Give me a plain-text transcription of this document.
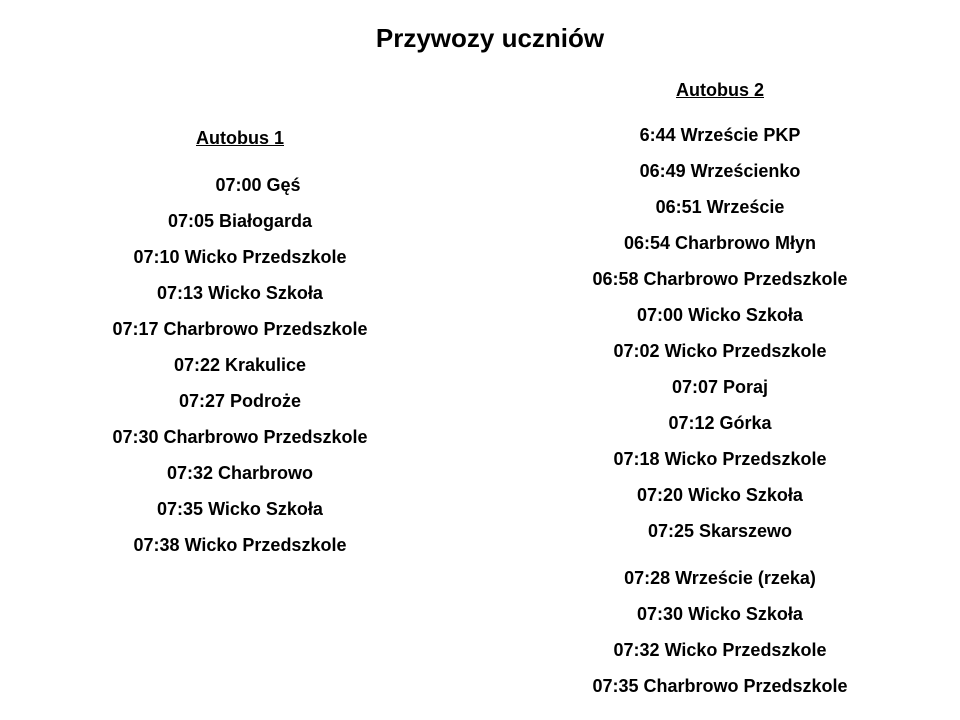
Przywozy uczniów
Autobus 1
07:00 Gęś
07:05 Białogarda
07:10 Wicko Przedszkole
07:13 Wicko Szkoła
07:17 Charbrowo Przedszkole
07:22 Krakulice
07:27 Podroże
07:30 Charbrowo Przedszkole
07:32 Charbrowo
07:35 Wicko Szkoła
07:38 Wicko Przedszkole
Autobus 2
6:44 Wrzeście PKP
06:49 Wrześcienko
06:51 Wrzeście
06:54 Charbrowo Młyn
06:58 Charbrowo Przedszkole
07:00 Wicko Szkoła
07:02 Wicko Przedszkole
07:07 Poraj
07:12 Górka
07:18 Wicko Przedszkole
07:20 Wicko Szkoła
07:25 Skarszewo
07:28 Wrzeście (rzeka)
07:30 Wicko Szkoła
07:32 Wicko Przedszkole
07:35 Charbrowo Przedszkole
